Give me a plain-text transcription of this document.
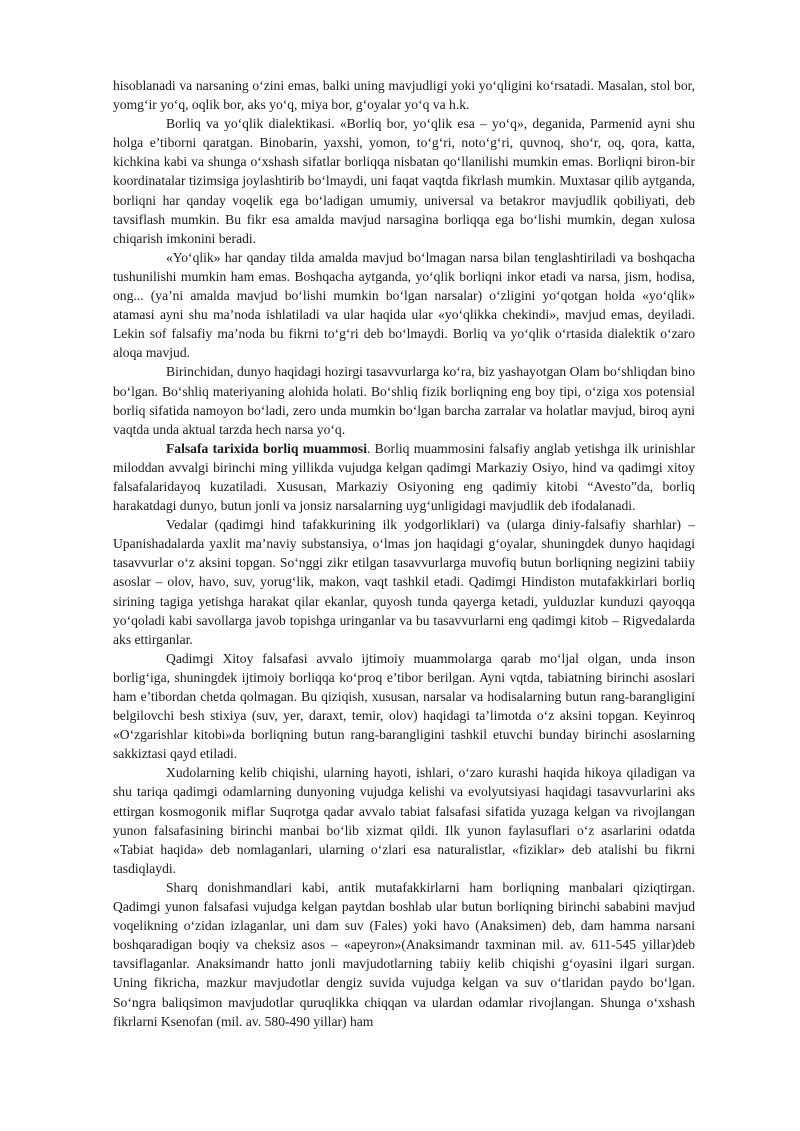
hisoblanadi va narsaning oʻzini emas, balki uning mavjudligi yoki yoʻqligini koʻrsatadi. Masalan, stol bor, yomgʻir yoʻq, oqlik bor, aks yoʻq, miya bor, gʻoyalar yoʻq va h.k.

Borliq va yoʻqlik dialektikasi. «Borliq bor, yoʻqlik esa – yoʻq», deganida, Parmenid ayni shu holga e’tiborni qaratgan. Binobarin, yaxshi, yomon, toʻgʻri, notoʻgʻri, quvnoq, shoʻr, oq, qora, katta, kichkina kabi va shunga oʻxshash sifatlar borliqqa nisbatan qoʻllanilishi mumkin emas. Borliqni biron-bir koordinatalar tizimsiga joylashtirib boʻlmaydi, uni faqat vaqtda fikrlash mumkin. Muxtasar qilib aytganda, borliqni har qanday voqelik ega boʻladigan umumiy, universal va betakror mavjudlik qobiliyati, deb tavsiflash mumkin. Bu fikr esa amalda mavjud narsagina borliqqa ega boʻlishi mumkin, degan xulosa chiqarish imkonini beradi.

«Yoʻqlik» har qanday tilda amalda mavjud boʻlmagan narsa bilan tenglashtiriladi va boshqacha tushunilishi mumkin ham emas. Boshqacha aytganda, yoʻqlik borliqni inkor etadi va narsa, jism, hodisa, ong... (ya’ni amalda mavjud boʻlishi mumkin boʻlgan narsalar) oʻzligini yoʻqotgan holda «yoʻqlik» atamasi ayni shu ma’noda ishlatiladi va ular haqida ular «yoʻqlikka chekindi», mavjud emas, deyiladi. Lekin sof falsafiy ma’noda bu fikrni toʻgʻri deb boʻlmaydi. Borliq va yoʻqlik oʻrtasida dialektik oʻzaro aloqa mavjud.

Birinchidan, dunyo haqidagi hozirgi tasavvurlarga koʻra, biz yashayotgan Olam boʻshliqdan bino boʻlgan. Boʻshliq materiyaning alohida holati. Boʻshliq fizik borliqning eng boy tipi, oʻziga xos potensial borliq sifatida namoyon boʻladi, zero unda mumkin boʻlgan barcha zarralar va holatlar mavjud, biroq ayni vaqtda unda aktual tarzda hech narsa yoʻq.

Falsafa tarixida borliq muammosi. Borliq muammosini falsafiy anglab yetishga ilk urinishlar miloddan avvalgi birinchi ming yillikda vujudga kelgan qadimgi Markaziy Osiyo, hind va qadimgi xitoy falsafalaridayoq kuzatiladi. Xususan, Markaziy Osiyoning eng qadimiy kitobi “Avesto”da, borliq harakatdagi dunyo, butun jonli va jonsiz narsalarning uygʻunligidagi mavjudlik deb ifodalanadi.

Vedalar (qadimgi hind tafakkurining ilk yodgorliklari) va (ularga diniy-falsafiy sharhlar) – Upanishadalarda yaxlit ma’naviy substansiya, oʻlmas jon haqidagi gʻoyalar, shuningdek dunyo haqidagi tasavvurlar oʻz aksini topgan. Soʻnggi zikr etilgan tasavvurlarga muvofiq butun borliqning negizini tabiiy asoslar – olov, havo, suv, yorugʻlik, makon, vaqt tashkil etadi. Qadimgi Hindiston mutafakkirlari borliq sirining tagiga yetishga harakat qilar ekanlar, quyosh tunda qayerga ketadi, yulduzlar kunduzi qayoqqa yoʻqoladi kabi savollarga javob topishga uringanlar va bu tasavvurlarni eng qadimgi kitob – Rigvedalarda aks ettirganlar.

Qadimgi Xitoy falsafasi avvalo ijtimoiy muammolarga qarab moʻljal olgan, unda inson borligʻiga, shuningdek ijtimoiy borliqqa koʻproq e’tibor berilgan. Ayni vqtda, tabiatning birinchi asoslari ham e’tibordan chetda qolmagan. Bu qiziqish, xususan, narsalar va hodisalarning butun rang-barangligini belgilovchi besh stixiya (suv, yer, daraxt, temir, olov) haqidagi ta’limotda oʻz aksini topgan. Keyinroq «Oʻzgarishlar kitobi»da borliqning butun rang-barangligini tashkil etuvchi bunday birinchi asoslarning sakkiztasi qayd etiladi.

Xudolarning kelib chiqishi, ularning hayoti, ishlari, oʻzaro kurashi haqida hikoya qiladigan va shu tariqa qadimgi odamlarning dunyoning vujudga kelishi va evolyutsiyasi haqidagi tasavvurlarini aks ettirgan kosmogonik miflar Suqrotga qadar avvalo tabiat falsafasi sifatida yuzaga kelgan va rivojlangan yunon falsafasining birinchi manbai boʻlib xizmat qildi. Ilk yunon faylasuflari oʻz asarlarini odatda «Tabiat haqida» deb nomlaganlari, ularning oʻzlari esa naturalistlar, «fiziklar» deb atalishi bu fikrni tasdiqlaydi.

Sharq donishmandlari kabi, antik mutafakkirlarni ham borliqning manbalari qiziqtirgan. Qadimgi yunon falsafasi vujudga kelgan paytdan boshlab ular butun borliqning birinchi sababini mavjud voqelikning oʻzidan izlaganlar, uni dam suv (Fales) yoki havo (Anaksimen) deb, dam hamma narsani boshqaradigan boqiy va cheksiz asos – «apeyron»(Anaksimandr taxminan mil. av. 611-545 yillar)deb tavsiflaganlar. Anaksimandr hatto jonli mavjudotlarning tabiiy kelib chiqishi gʻoyasini ilgari surgan. Uning fikricha, mazkur mavjudotlar dengiz suvida vujudga kelgan va suv oʻtlaridan paydo boʻlgan. Soʻngra baliqsimon mavjudotlar quruqlikka chiqqan va ulardan odamlar rivojlangan. Shunga oʻxshash fikrlarni Ksenofan (mil. av. 580-490 yillar) ham
